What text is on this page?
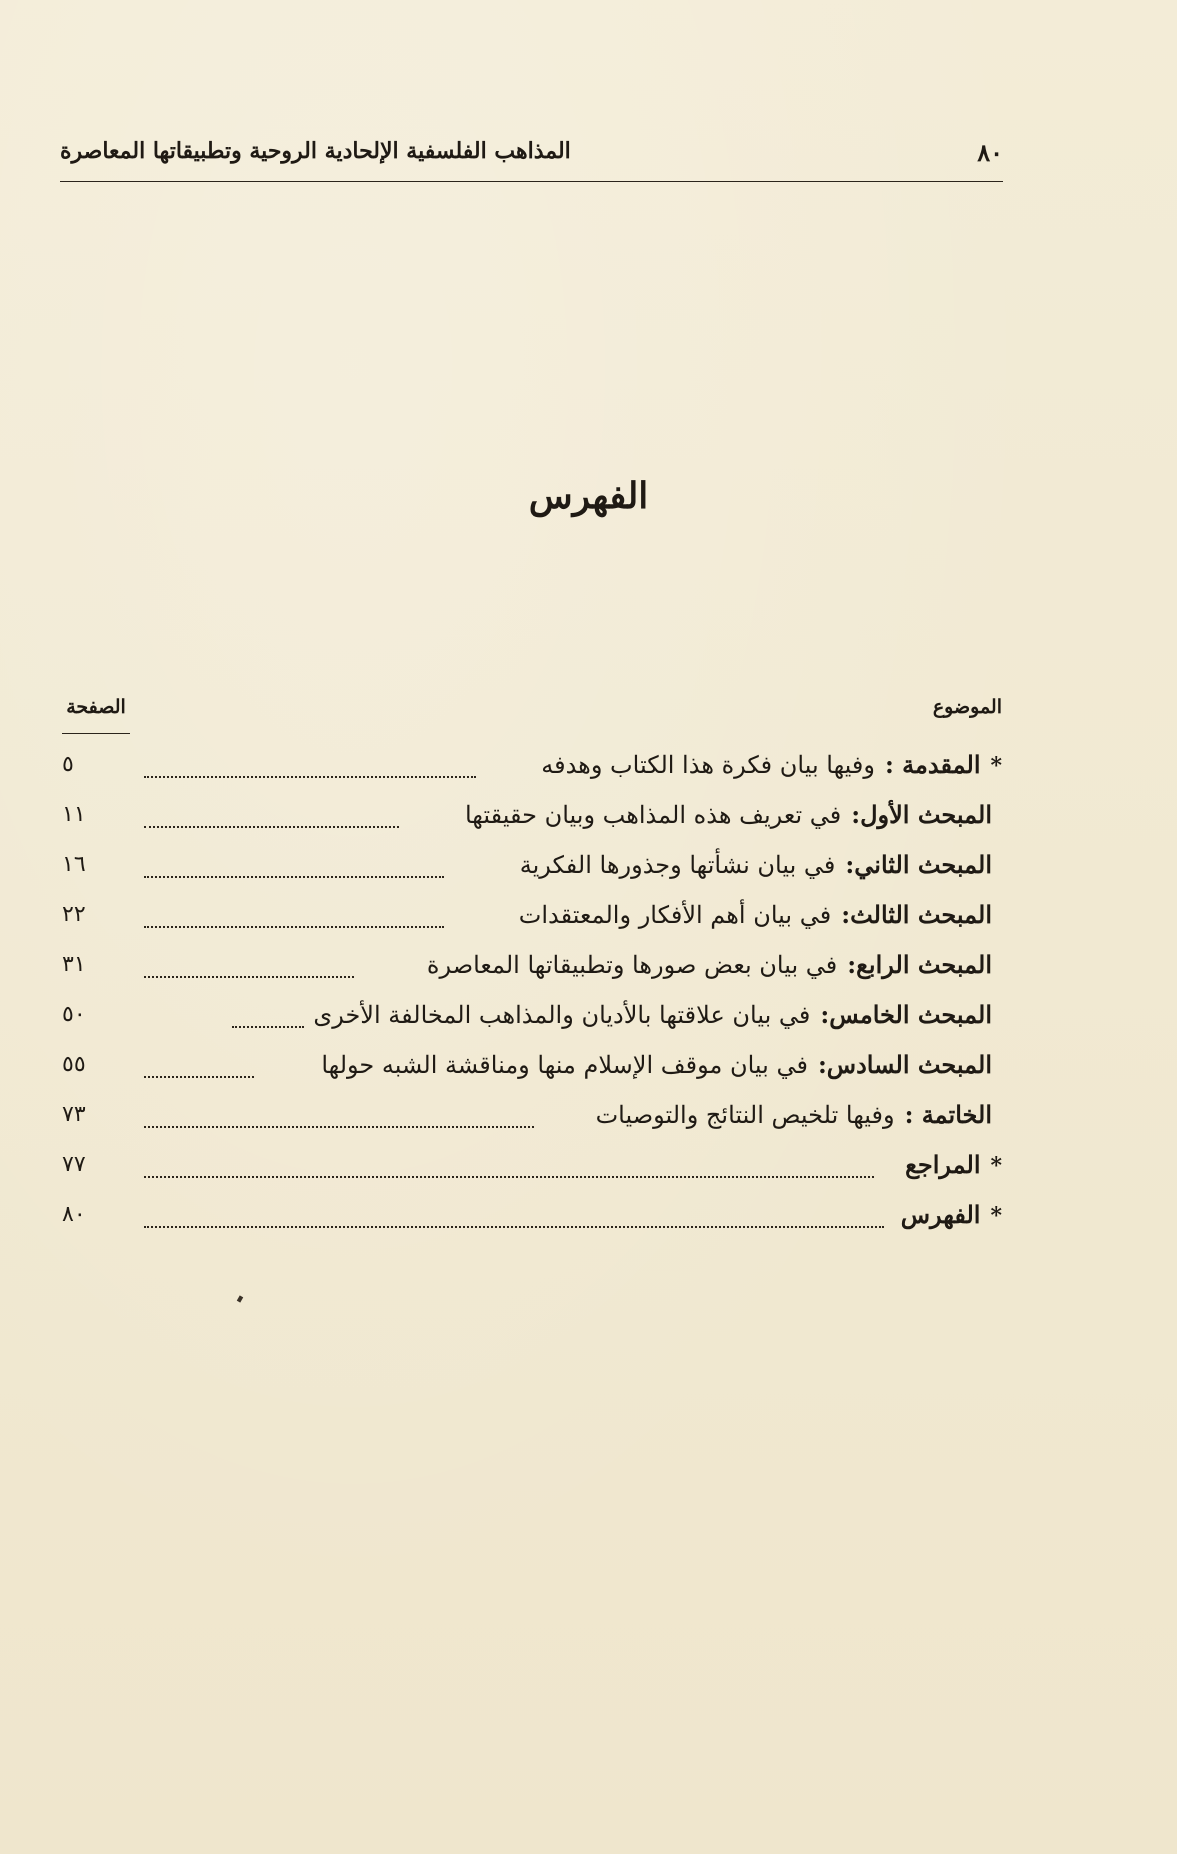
٨٠
المذاهب الفلسفية الإلحادية الروحية وتطبيقاتها المعاصرة
الفهرس
الموضوع
الصفحة
*
المقدمة :
وفيها بيان فكرة هذا الكتاب وهدفه
٥
المبحث الأول:
في تعريف هذه المذاهب وبيان حقيقتها
١١
المبحث الثاني:
في بيان نشأتها وجذورها الفكرية
١٦
المبحث الثالث:
في بيان أهم الأفكار والمعتقدات
٢٢
المبحث الرابع:
في بيان بعض صورها وتطبيقاتها المعاصرة
٣١
المبحث الخامس:
في بيان علاقتها بالأديان والمذاهب المخالفة الأخرى
٥٠
المبحث السادس:
في بيان موقف الإسلام منها ومناقشة الشبه حولها
٥٥
الخاتمة :
وفيها تلخيص النتائج والتوصيات
٧٣
*
المراجع
٧٧
*
الفهرس
٨٠
